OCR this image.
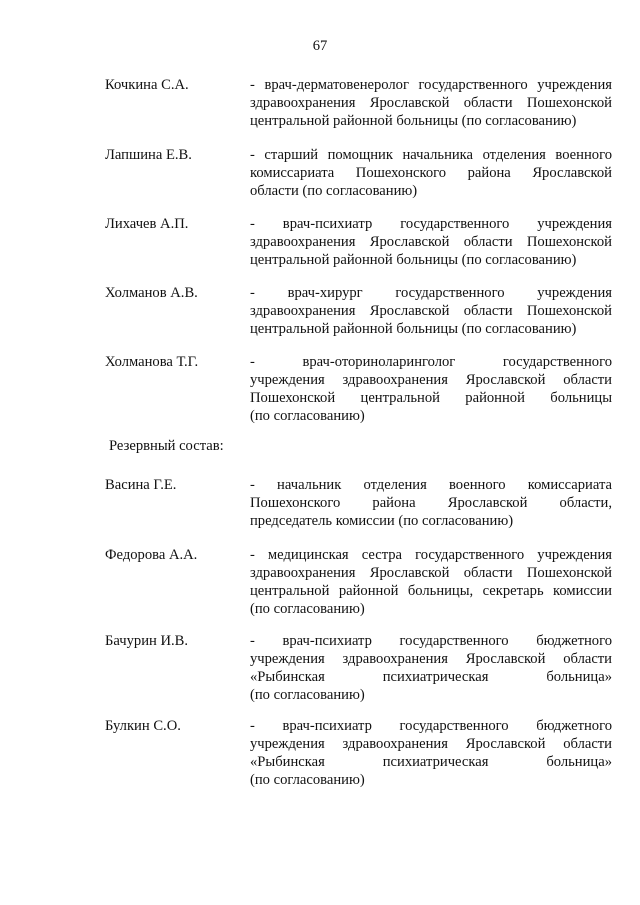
67
Кочкина С.А.	- врач-дерматовенеролог государственного учреждения
здравоохранения Ярославской области Пошехонской
центральной районной больницы (по согласованию)
Лапшина Е.В.	- старший помощник начальника отделения военного
комиссариата Пошехонского района Ярославской
области (по согласованию)
Лихачев А.П.	- врач-психиатр государственного учреждения
здравоохранения Ярославской области Пошехонской
центральной районной больницы (по согласованию)
Холманов А.В.	- врач-хирург государственного учреждения
здравоохранения Ярославской области Пошехонской
центральной районной больницы (по согласованию)
Холманова Т.Г.	- врач-оториноларинголог государственного
учреждения здравоохранения Ярославской области
Пошехонской центральной районной больницы
(по согласованию)
Резервный состав:
Васина Г.Е.	- начальник отделения военного комиссариата
Пошехонского района Ярославской области,
председатель комиссии (по согласованию)
Федорова А.А.	- медицинская сестра государственного учреждения
здравоохранения Ярославской области Пошехонской
центральной районной больницы, секретарь комиссии
(по согласованию)
Бачурин И.В.	- врач-психиатр государственного бюджетного
учреждения здравоохранения Ярославской области
«Рыбинская психиатрическая больница»
(по согласованию)
Булкин С.О.	- врач-психиатр государственного бюджетного
учреждения здравоохранения Ярославской области
«Рыбинская психиатрическая больница»
(по согласованию)
